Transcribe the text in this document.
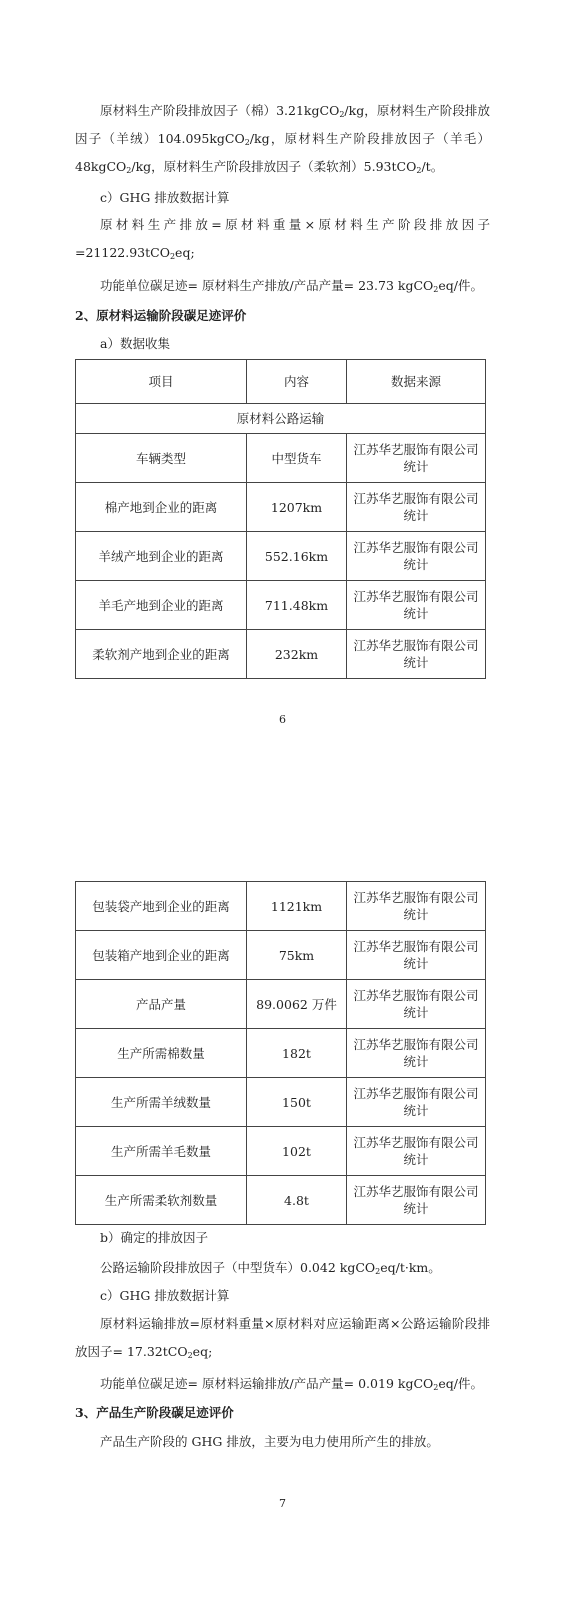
原材料生产阶段排放因子（棉）3.21kgCO$_2$/kg，原材料生产阶段排放因子（羊绒）104.095kgCO$_2$/kg，原材料生产阶段排放因子（羊毛）48kgCO$_2$/kg，原材料生产阶段排放因子（柔软剂）5.93tCO$_2$/t。

c）GHG 排放数据计算

原材料生产排放=原材料重量×原材料生产阶段排放因子=21122.93tCO$_2$eq;

功能单位碳足迹= 原材料生产排放/产品产量= 23.73 kgCO$_2$eq/件。

2、原材料运输阶段碳足迹评价

a）数据收集

项目	内容	数据来源
原材料公路运输		
车辆类型	中型货车	江苏华艺服饰有限公司统计
棉产地到企业的距离	1207km	江苏华艺服饰有限公司统计
羊绒产地到企业的距离	552.16km	江苏华艺服饰有限公司统计
羊毛产地到企业的距离	711.48km	江苏华艺服饰有限公司统计
柔软剂产地到企业的距离	232km	江苏华艺服饰有限公司统计
6
包装袋产地到企业的距离	1121km	江苏华艺服饰有限公司统计
包装箱产地到企业的距离	75km	江苏华艺服饰有限公司统计
产品产量	89.0062 万件	江苏华艺服饰有限公司统计
生产所需棉数量	182t	江苏华艺服饰有限公司统计
生产所需羊绒数量	150t	江苏华艺服饰有限公司统计
生产所需羊毛数量	102t	江苏华艺服饰有限公司统计
生产所需柔软剂数量	4.8t	江苏华艺服饰有限公司统计

b）确定的排放因子

公路运输阶段排放因子（中型货车）0.042 kgCO$_2$eq/t·km。

c）GHG 排放数据计算

原材料运输排放=原材料重量×原材料对应运输距离×公路运输阶段排放因子= 17.32tCO$_2$eq;

功能单位碳足迹= 原材料运输排放/产品产量= 0.019 kgCO$_2$eq/件。

3、产品生产阶段碳足迹评价

产品生产阶段的 GHG 排放，主要为电力使用所产生的排放。

7
